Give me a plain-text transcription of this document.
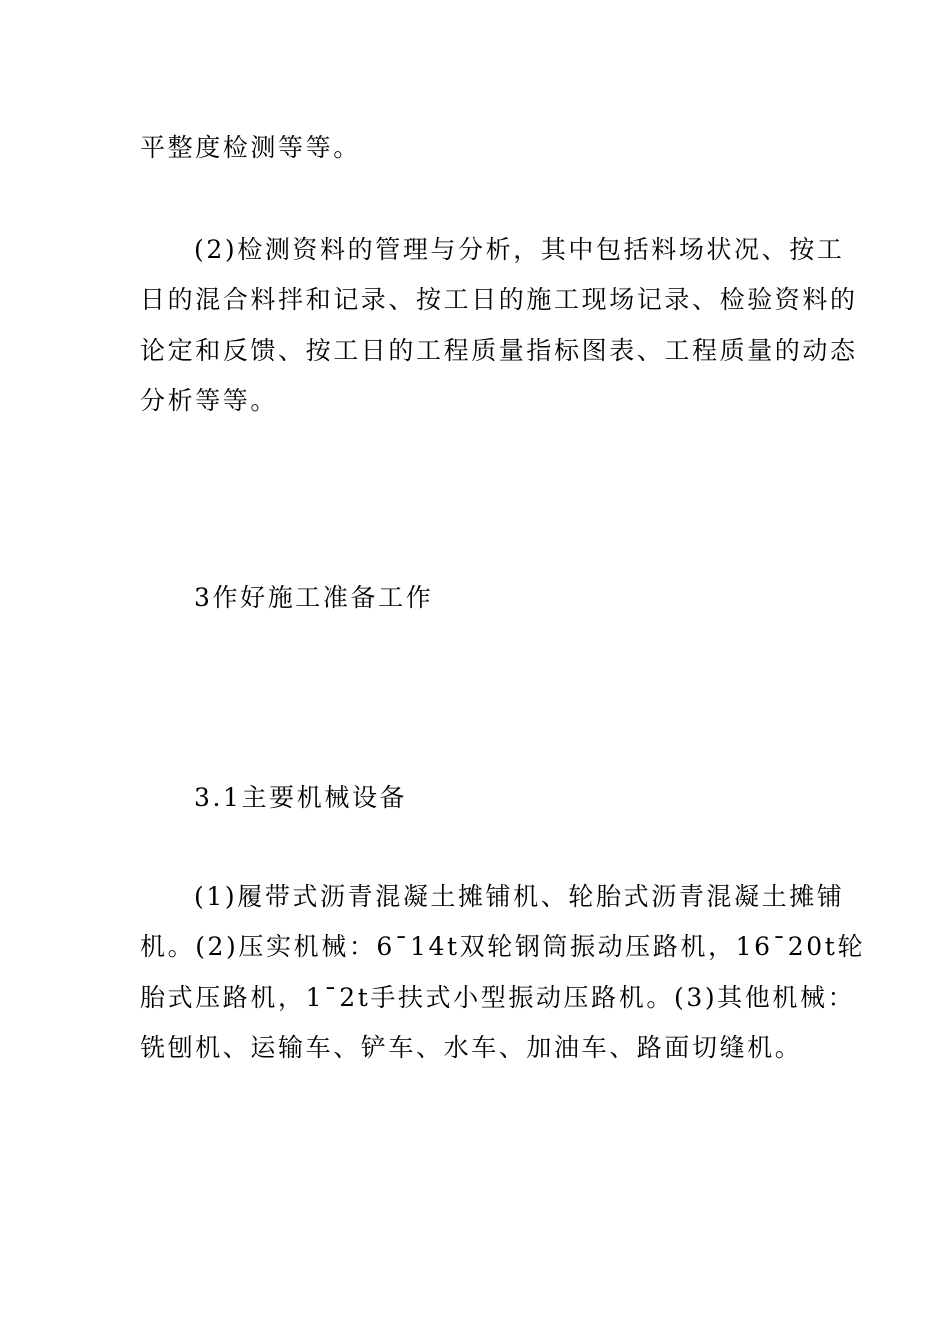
平整度检测等等。
(2)检测资料的管理与分析，其中包括料场状况、按工
日的混合料拌和记录、按工日的施工现场记录、检验资料的
论定和反馈、按工日的工程质量指标图表、工程质量的动态
分析等等。
3作好施工准备工作
3.1主要机械设备
(1)履带式沥青混凝土摊铺机、轮胎式沥青混凝土摊铺
机。(2)压实机械：6¯14t双轮钢筒振动压路机，16¯20t轮
胎式压路机，1¯2t手扶式小型振动压路机。(3)其他机械：
铣刨机、运输车、铲车、水车、加油车、路面切缝机。
